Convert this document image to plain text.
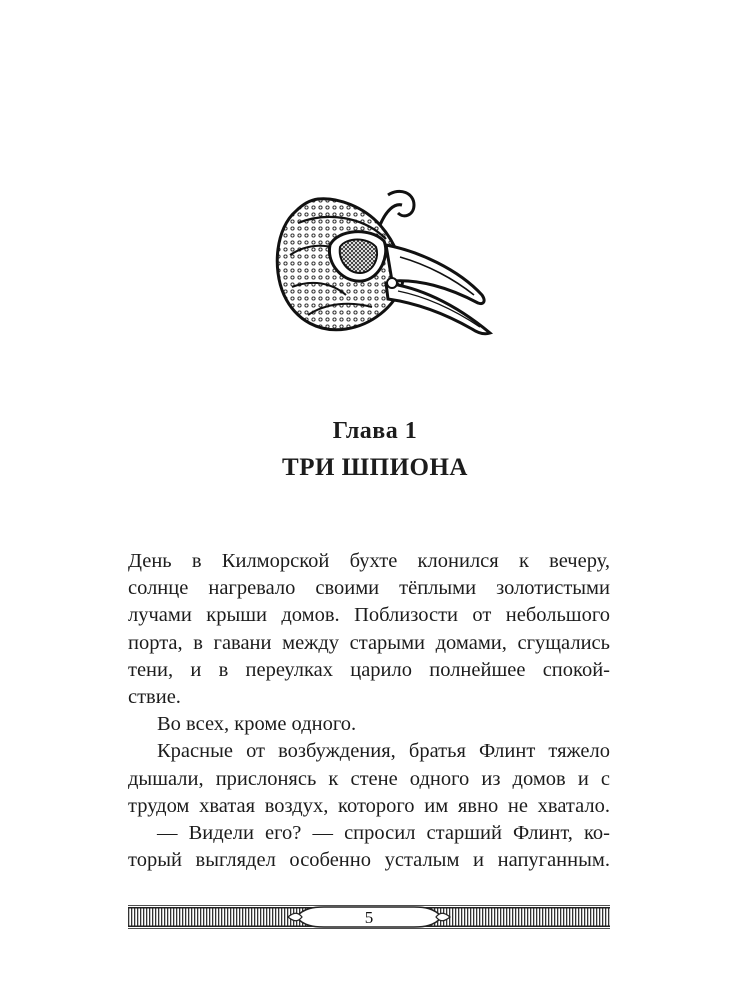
Глава 1
ТРИ ШПИОНА
День в Килморской бухте клонился к вечеру,
солнце нагревало своими тёплыми золотистыми
лучами крыши домов. Поблизости от небольшого
порта, в гавани между старыми домами, сгущались
тени, и в переулках царило полнейшее спокой-
ствие.
Во всех, кроме одного.
Красные от возбуждения, братья Флинт тяжело
дышали, прислонясь к стене одного из домов и с
трудом хватая воздух, которого им явно не хватало.
— Видели его? — спросил старший Флинт, ко-
торый выглядел особенно усталым и напуганным.
5
